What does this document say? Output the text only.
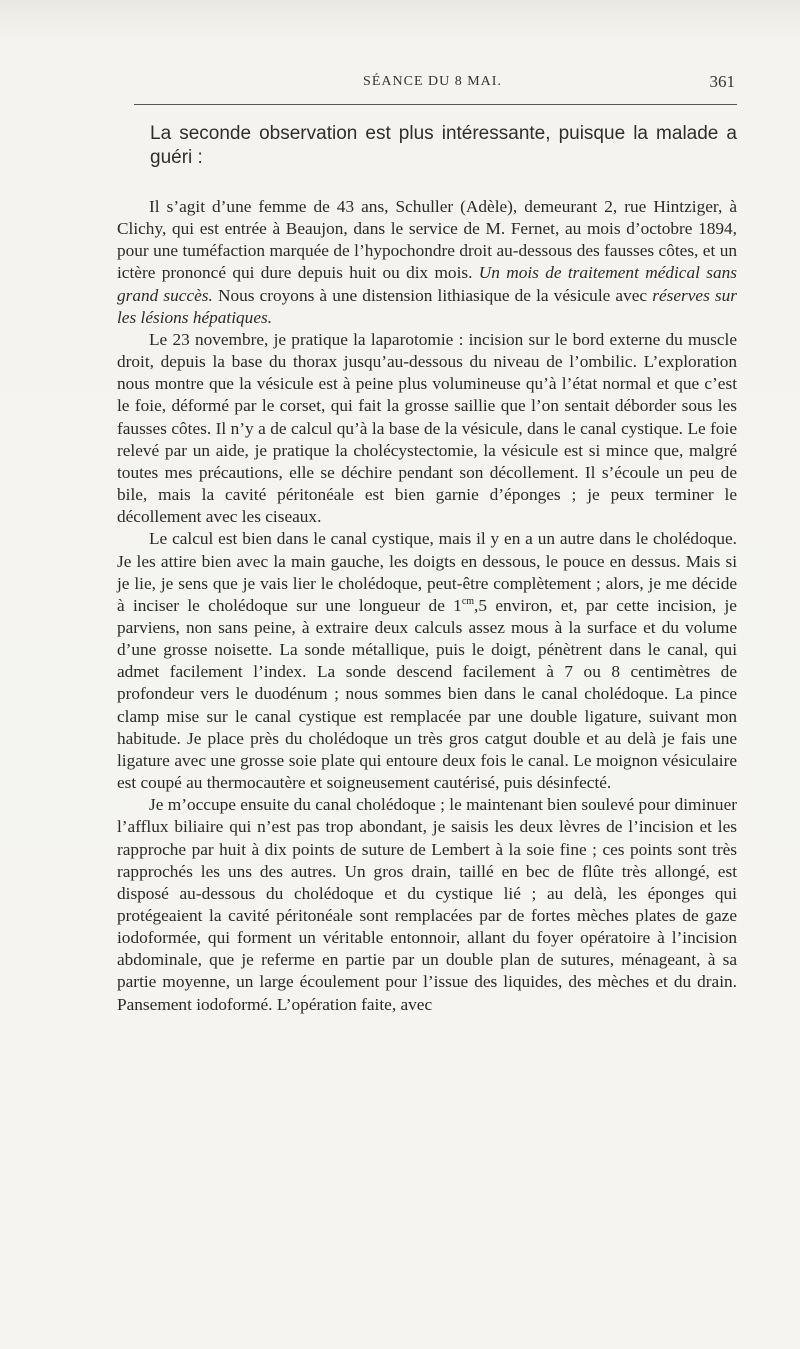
SÉANCE DU 8 MAI.	361
La seconde observation est plus intéressante, puisque la malade a guéri :

Il s’agit d’une femme de 43 ans, Schuller (Adèle), demeurant 2, rue Hintziger, à Clichy, qui est entrée à Beaujon, dans le service de M. Fernet, au mois d’octobre 1894, pour une tuméfaction marquée de l’hypochondre droit au-dessous des fausses côtes, et un ictère prononcé qui dure depuis huit ou dix mois. Un mois de traitement médical sans grand succès. Nous croyons à une distension lithiasique de la vésicule avec réserves sur les lésions hépatiques.

Le 23 novembre, je pratique la laparotomie : incision sur le bord externe du muscle droit, depuis la base du thorax jusqu’au-dessous du niveau de l’ombilic. L’exploration nous montre que la vésicule est à peine plus volumineuse qu’à l’état normal et que c’est le foie, déformé par le corset, qui fait la grosse saillie que l’on sentait déborder sous les fausses côtes. Il n’y a de calcul qu’à la base de la vésicule, dans le canal cystique. Le foie relevé par un aide, je pratique la cholécystectomie, la vésicule est si mince que, malgré toutes mes précautions, elle se déchire pendant son décollement. Il s’écoule un peu de bile, mais la cavité péritonéale est bien garnie d’éponges ; je peux terminer le décollement avec les ciseaux.

Le calcul est bien dans le canal cystique, mais il y en a un autre dans le cholédoque. Je les attire bien avec la main gauche, les doigts en dessous, le pouce en dessus. Mais si je lie, je sens que je vais lier le cholédoque, peut-être complètement ; alors, je me décide à inciser le cholédoque sur une longueur de $1^{cm},5$ environ, et, par cette incision, je parviens, non sans peine, à extraire deux calculs assez mous à la surface et du volume d’une grosse noisette. La sonde métallique, puis le doigt, pénètrent dans le canal, qui admet facilement l’index. La sonde descend facilement à 7 ou 8 centimètres de profondeur vers le duodénum ; nous sommes bien dans le canal cholédoque. La pince clamp mise sur le canal cystique est remplacée par une double ligature, suivant mon habitude. Je place près du cholédoque un très gros catgut double et au delà je fais une ligature avec une grosse soie plate qui entoure deux fois le canal. Le moignon vésiculaire est coupé au thermocautère et soigneusement cautérisé, puis désinfecté.

Je m’occupe ensuite du canal cholédoque ; le maintenant bien soulevé pour diminuer l’afflux biliaire qui n’est pas trop abondant, je saisis les deux lèvres de l’incision et les rapproche par huit à dix points de suture de Lembert à la soie fine ; ces points sont très rapprochés les uns des autres. Un gros drain, taillé en bec de flûte très allongé, est disposé au-dessous du cholédoque et du cystique lié ; au delà, les éponges qui protégeaient la cavité péritonéale sont remplacées par de fortes mèches plates de gaze iodoformée, qui forment un véritable entonnoir, allant du foyer opératoire à l’incision abdominale, que je referme en partie par un double plan de sutures, ménageant, à sa partie moyenne, un large écoulement pour l’issue des liquides, des mèches et du drain. Pansement iodoformé. L’opération faite, avec
